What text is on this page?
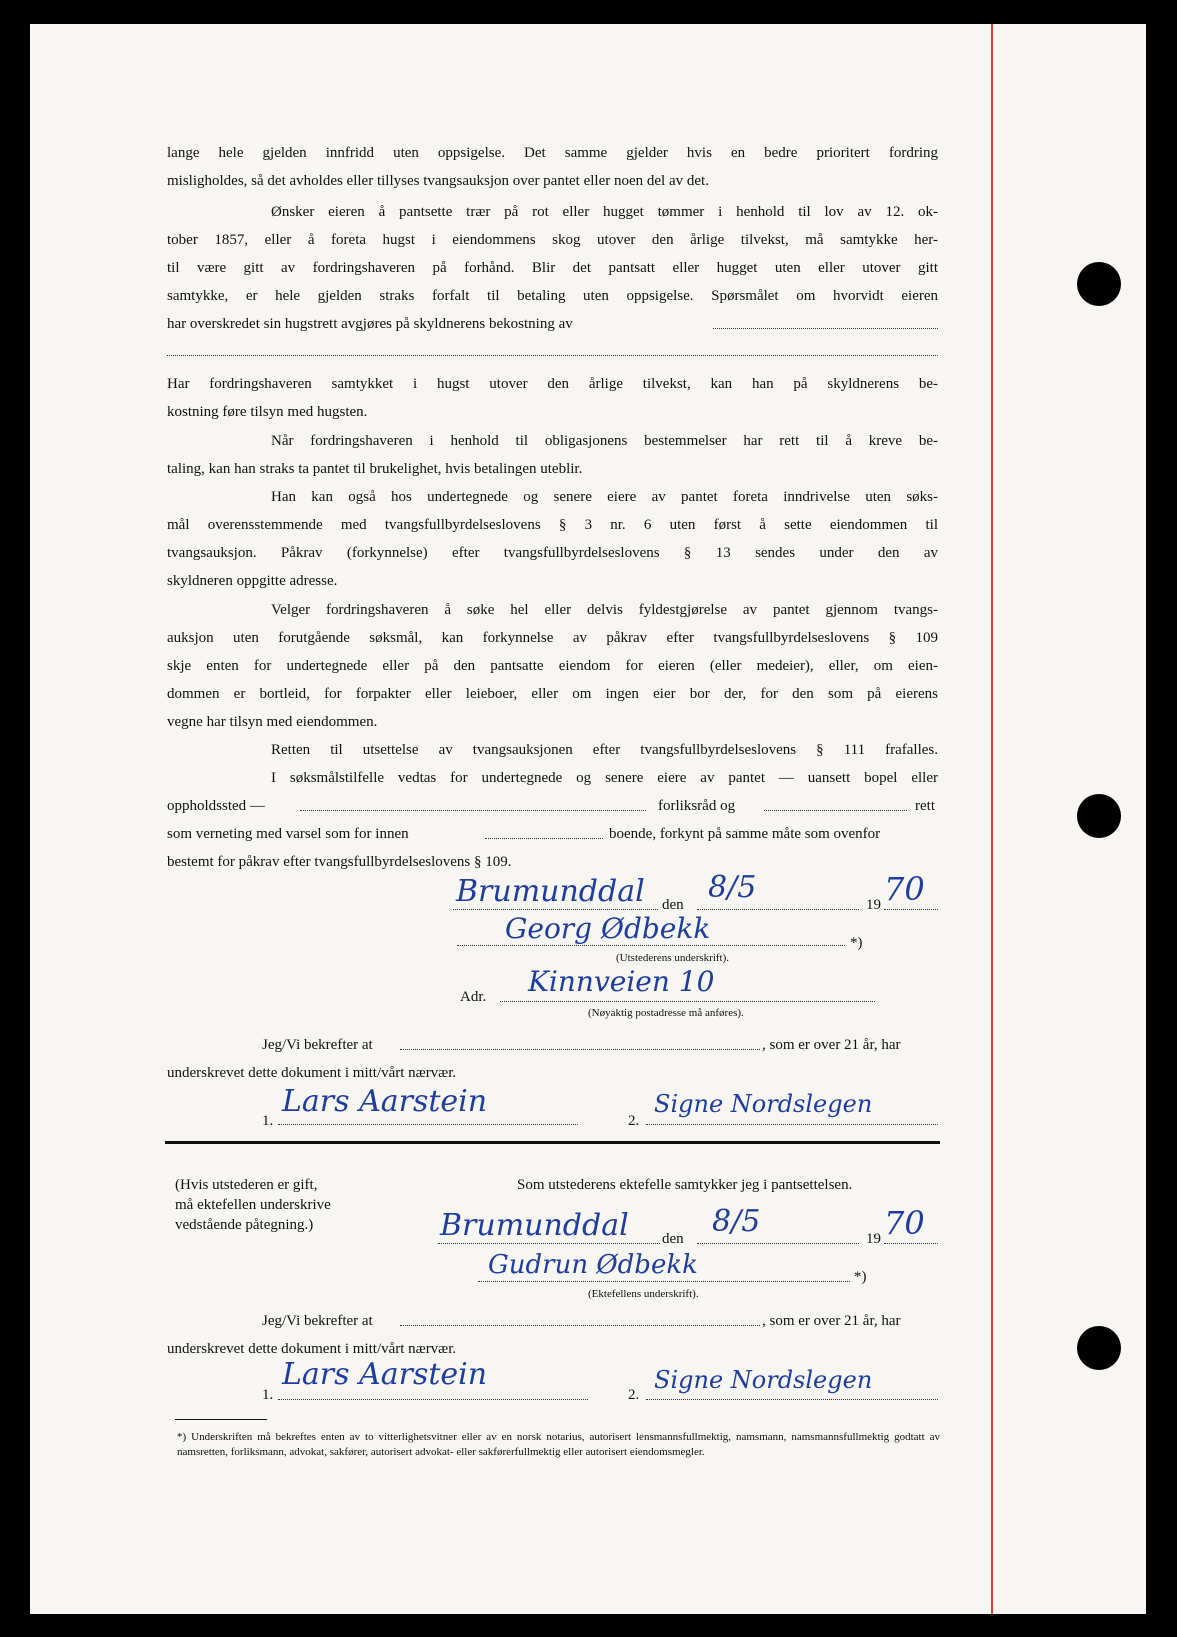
lange hele gjelden innfridd uten oppsigelse. Det samme gjelder hvis en bedre prioritert fordring
misligholdes, så det avholdes eller tillyses tvangsauksjon over pantet eller noen del av det.
Ønsker eieren å pantsette trær på rot eller hugget tømmer i henhold til lov av 12. ok-
tober 1857, eller å foreta hugst i eiendommens skog utover den årlige tilvekst, må samtykke her-
til være gitt av fordringshaveren på forhånd. Blir det pantsatt eller hugget uten eller utover gitt
samtykke, er hele gjelden straks forfalt til betaling uten oppsigelse. Spørsmålet om hvorvidt eieren
har overskredet sin hugstrett avgjøres på skyldnerens bekostning av
Har fordringshaveren samtykket i hugst utover den årlige tilvekst, kan han på skyldnerens be-
kostning føre tilsyn med hugsten.
Når fordringshaveren i henhold til obligasjonens bestemmelser har rett til å kreve be-
taling, kan han straks ta pantet til brukelighet, hvis betalingen uteblir.
Han kan også hos undertegnede og senere eiere av pantet foreta inndrivelse uten søks-
mål overensstemmende med tvangsfullbyrdelseslovens § 3 nr. 6 uten først å sette eiendommen til
tvangsauksjon. Påkrav (forkynnelse) efter tvangsfullbyrdelseslovens § 13 sendes under den av
skyldneren oppgitte adresse.
Velger fordringshaveren å søke hel eller delvis fyldestgjørelse av pantet gjennom tvangs-
auksjon uten forutgående søksmål, kan forkynnelse av påkrav efter tvangsfullbyrdelseslovens § 109
skje enten for undertegnede eller på den pantsatte eiendom for eieren (eller medeier), eller, om eien-
dommen er bortleid, for forpakter eller leieboer, eller om ingen eier bor der, for den som på eierens
vegne har tilsyn med eiendommen.
Retten til utsettelse av tvangsauksjonen efter tvangsfullbyrdelseslovens § 111 frafalles.
I søksmålstilfelle vedtas for undertegnede og senere eiere av pantet — uansett bopel eller
oppholdssted —	forliksråd og	rett
som verneting med varsel som for innen	boende, forkynt på samme måte som ovenfor
bestemt for påkrav efter tvangsfullbyrdelseslovens § 109.
Brumunddal den 8/5	19 70
Georg Ødbekk	*)
(Utstederens underskrift).
Adr. Kinnveien 10
(Nøyaktig postadresse må anføres).
Jeg/Vi bekrefter at	, som er over 21 år, har
underskrevet dette dokument i mitt/vårt nærvær.
1.
Lars Aarstein
2.
Signe Nordslegen
(Hvis utstederen er gift,
må ektefellen underskrive
vedstående påtegning.)
Som utstederens ektefelle samtykker jeg i pantsettelsen.
Brumunddal den 8/5	19 70
Gudrun Ødbekk	*)
(Ektefellens underskrift).
Jeg/Vi bekrefter at	, som er over 21 år, har
underskrevet dette dokument i mitt/vårt nærvær.
1.
Lars Aarstein
2.
Signe Nordslegen
*) Underskriften må bekreftes enten av to vitterlighetsvitner eller av en norsk notarius, autorisert lensmannsfullmektig, namsmann, namsmannsfullmektig godtatt av namsretten, forliksmann, advokat, sakfører, autorisert advokat- eller sakførerfullmektig eller autorisert eiendomsmegler.
